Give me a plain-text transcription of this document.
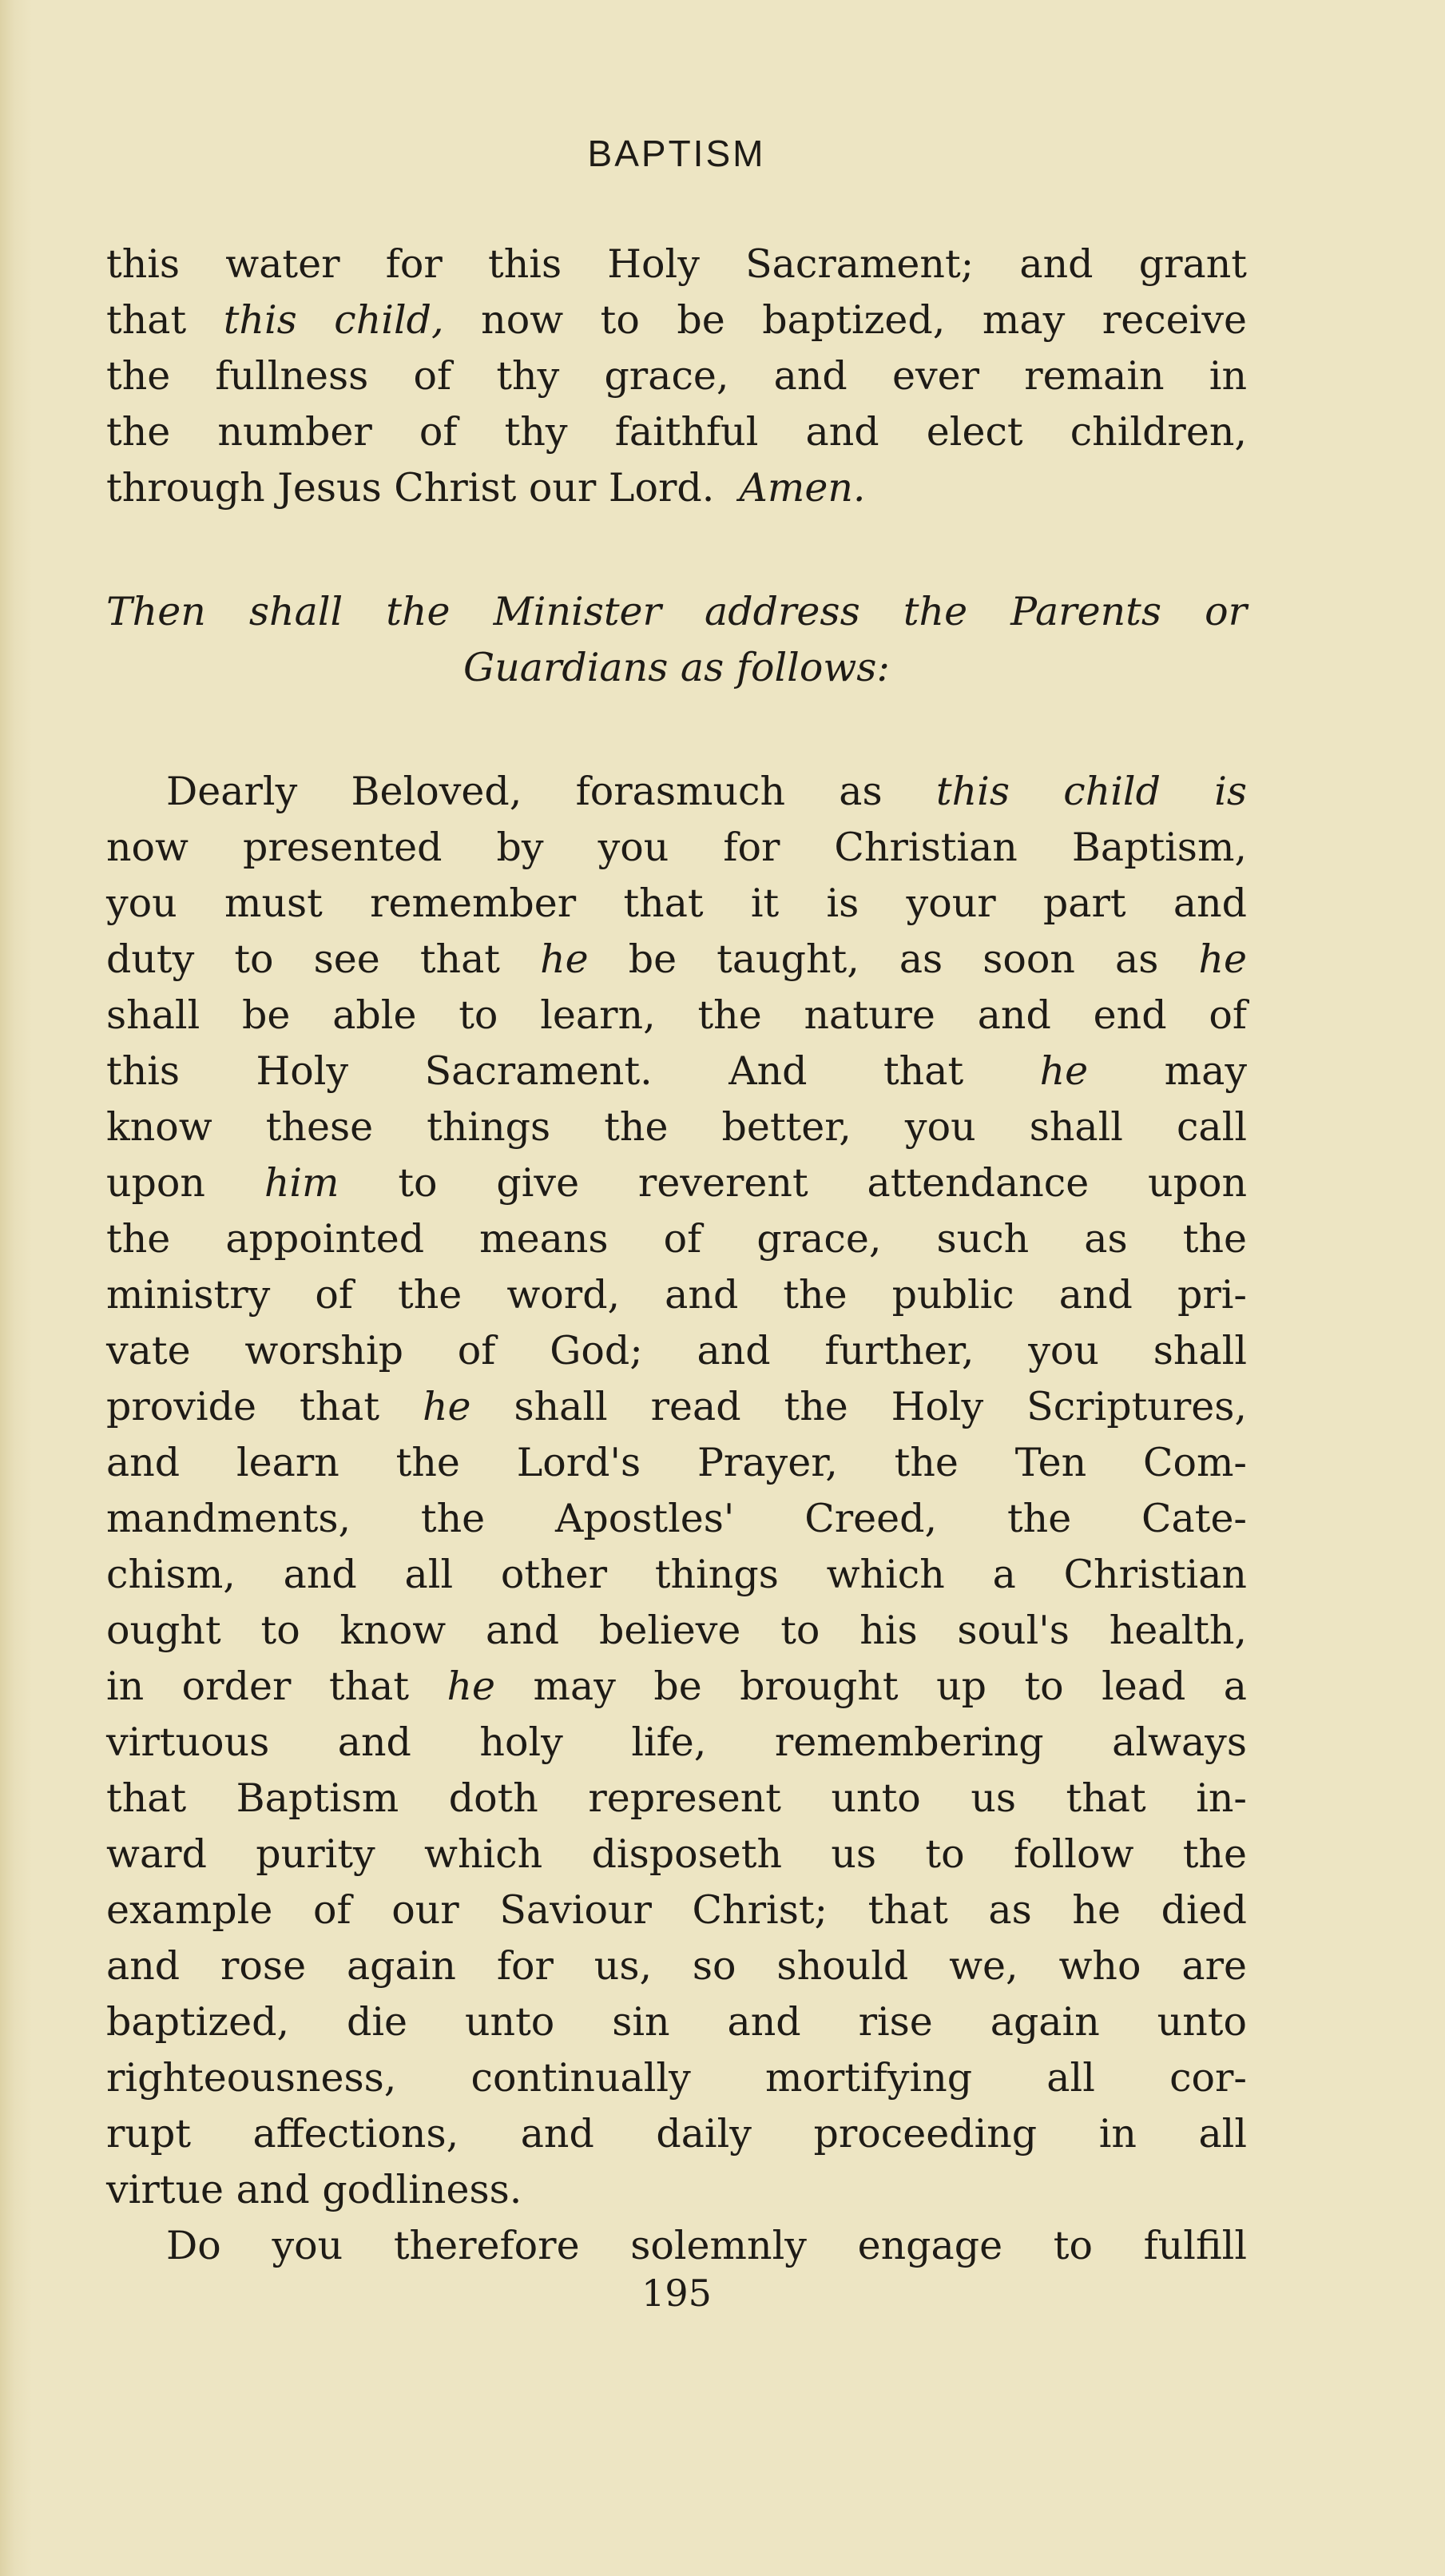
BAPTISM
this water for this Holy Sacrament; and grant
that this child, now to be baptized, may receive
the fullness of thy grace, and ever remain in
the number of thy faithful and elect children,
through Jesus Christ our Lord. Amen.
Then shall the Minister address the Parents or
Guardians as follows:
Dearly Beloved, forasmuch as this child is
now presented by you for Christian Baptism,
you must remember that it is your part and
duty to see that he be taught, as soon as he
shall be able to learn, the nature and end of
this Holy Sacrament. And that he may
know these things the better, you shall call
upon him to give reverent attendance upon
the appointed means of grace, such as the
ministry of the word, and the public and pri-
vate worship of God; and further, you shall
provide that he shall read the Holy Scriptures,
and learn the Lord's Prayer, the Ten Com-
mandments, the Apostles' Creed, the Cate-
chism, and all other things which a Christian
ought to know and believe to his soul's health,
in order that he may be brought up to lead a
virtuous and holy life, remembering always
that Baptism doth represent unto us that in-
ward purity which disposeth us to follow the
example of our Saviour Christ; that as he died
and rose again for us, so should we, who are
baptized, die unto sin and rise again unto
righteousness, continually mortifying all cor-
rupt affections, and daily proceeding in all
virtue and godliness.
Do you therefore solemnly engage to fulfill
195
